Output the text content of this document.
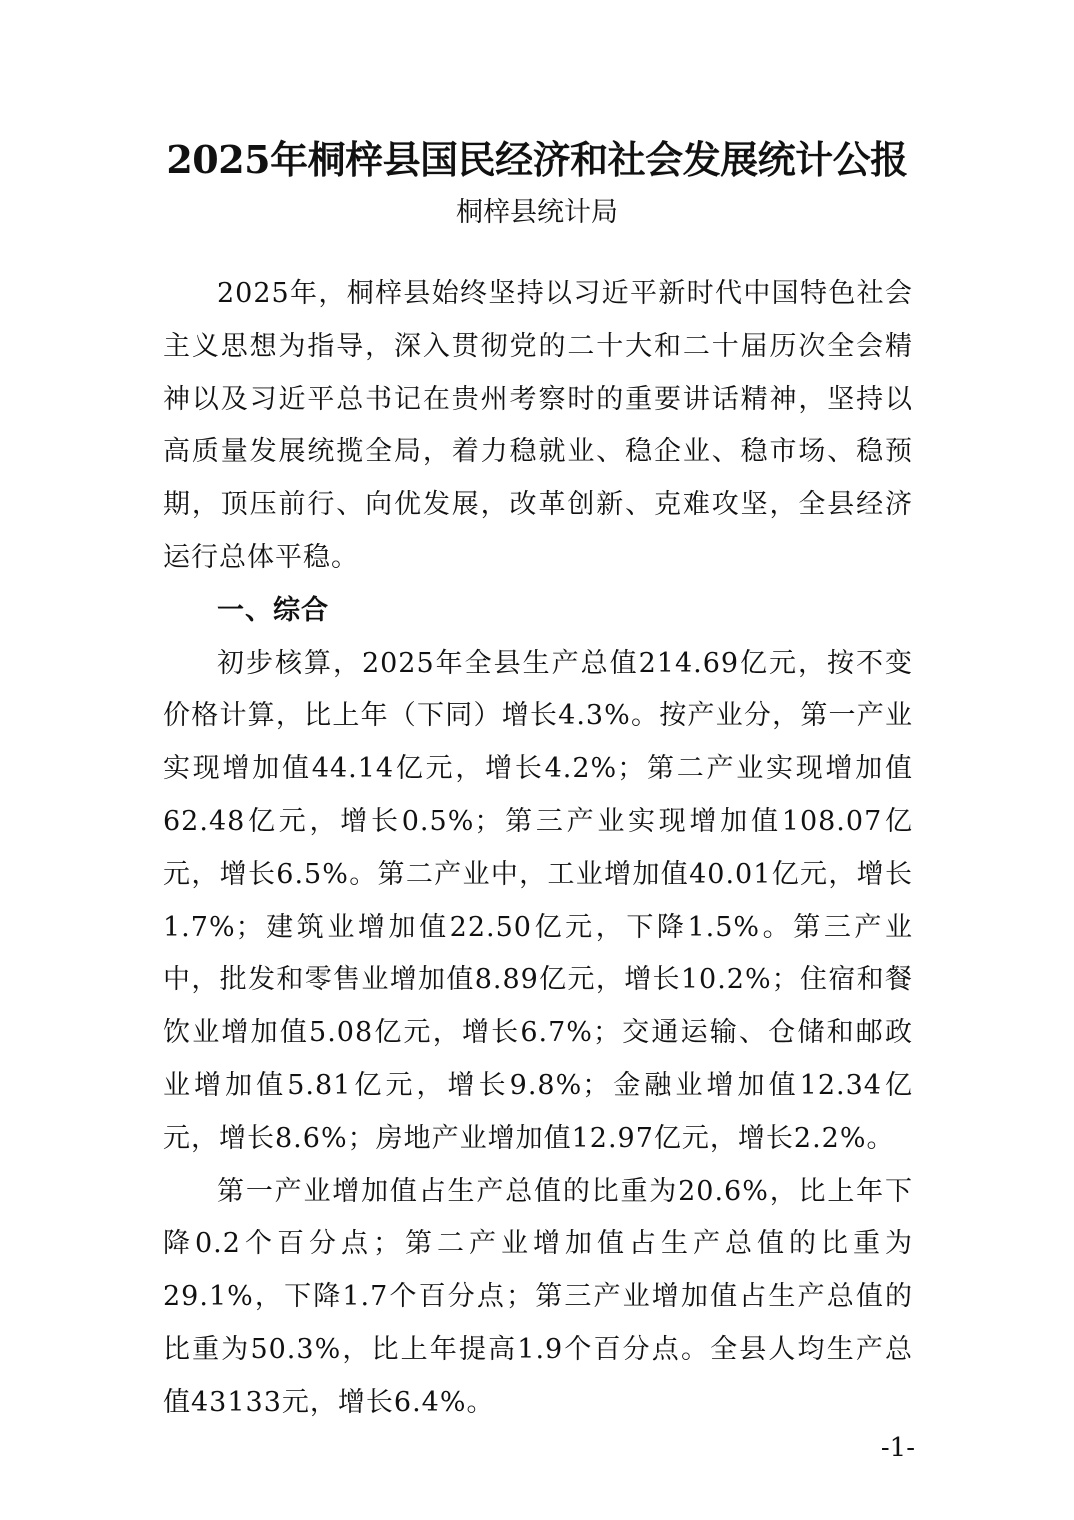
2025年桐梓县国民经济和社会发展统计公报
桐梓县统计局

2025年，桐梓县始终坚持以习近平新时代中国特色社会主义思想为指导，深入贯彻党的二十大和二十届历次全会精神以及习近平总书记在贵州考察时的重要讲话精神，坚持以高质量发展统揽全局，着力稳就业、稳企业、稳市场、稳预期，顶压前行、向优发展，改革创新、克难攻坚，全县经济运行总体平稳。

一、综合

初步核算，2025年全县生产总值214.69亿元，按不变价格计算，比上年（下同）增长4.3%。按产业分，第一产业实现增加值44.14亿元，增长4.2%；第二产业实现增加值62.48亿元，增长0.5%；第三产业实现增加值108.07亿元，增长6.5%。第二产业中，工业增加值40.01亿元，增长1.7%；建筑业增加值22.50亿元，下降1.5%。第三产业中，批发和零售业增加值8.89亿元，增长10.2%；住宿和餐饮业增加值5.08亿元，增长6.7%；交通运输、仓储和邮政业增加值5.81亿元，增长9.8%；金融业增加值12.34亿元，增长8.6%；房地产业增加值12.97亿元，增长2.2%。

第一产业增加值占生产总值的比重为20.6%，比上年下降0.2个百分点；第二产业增加值占生产总值的比重为29.1%，下降1.7个百分点；第三产业增加值占生产总值的比重为50.3%，比上年提高1.9个百分点。全县人均生产总值43133元，增长6.4%。

-1-
